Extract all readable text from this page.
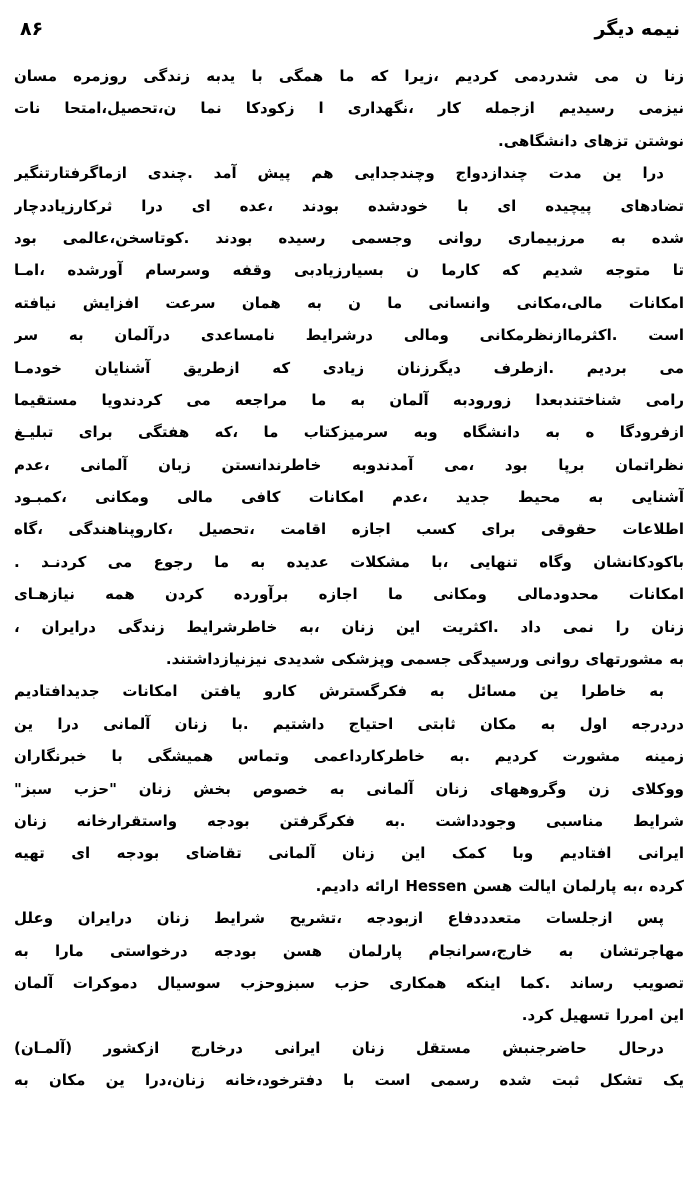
نیمه دیگر
۸۶
زنا ن می شدردمی کردیم ،زیرا که ما همگی با یدبه زندگی روزمره مسان
نیزمی رسیدیم ازجمله کار ،نگهداری ا زکودکا نما ن،تحصیل،امتحا نات
نوشتن تزهای دانشگاهی.
درا ین مدت چندازدواج وچندجدایی هم پیش آمد .چندی ازماگرفتارتنگیر
تضادهای پیچیده ای با خودشده بودند ،عده ای درا ثرکارزیاددچار
شده به مرزبیماری روانی وجسمی رسیده بودند .کوتاسخن،عالمی بود
تا متوجه شدیم که کارما ن بسیارزیادبی وقفه وسرسام آورشده ،امـا
امکانات مالی،مکانی وانسانی ما ن به همان سرعت افزایش نیافته
است .اکثرماازنظرمکانی ومالی درشرایط نامساعدی درآلمان به سر
می بردیم .ازطرف دیگرزنان زیادی که ازطریق آشنایان خودمـا
رامی شناختندبعدا زورودبه آلمان به ما مراجعه می کردندویا مستقیما
ازفرودگا ه به دانشگاه وبه سرمیزکتاب ما ،که هفتگی برای تبلیـغ
نظراتمان برپا بود ،می آمدندوبه خاطرندانستن زبان آلمانی ،عدم
آشنایی به محیط جدید ،عدم امکانات کافی مالی ومکانی ،کمبـود
اطلاعات حقوقی برای کسب اجازه اقامت ،تحصیل ،کاروپناهندگی ،گاه
باکودکانشان وگاه تنهایی ،با مشکلات عدیده به ما رجوع می کردنـد .
امکانات محدودمالی ومکانی ما اجازه برآورده کردن همه نیازهـای
زنان را نمی داد .اکثریت این زنان ،به خاطرشرایط زندگی درایران ،
به مشورتهای روانی ورسیدگی جسمی وپزشکی شدیدی نیزنیازداشتند.
به خاطرا ین مسائل به فکرگسترش کارو یافتن امکانات جدیدافتادیم
دردرجه اول به مکان ثابتی احتیاج داشتیم .با زنان آلمانی درا ین
زمینه مشورت کردیم .به خاطرکارداعمی وتماس همیشگی با خبرنگاران
ووکلای زن وگروههای زنان آلمانی به خصوص بخش زنان "حزب سبز"
شرایط مناسبی وجودداشت .به فکرگرفتن بودجه واستقرارخانه زنان
ایرانی افتادیم وبا کمک این زنان آلمانی تقاضای بودجه ای تهیه
کرده ،به پارلمان ایالت هسن Hessen ارائه دادیم.
پس ازجلسات متعدددفاع ازبودجه ،تشریح شرایط زنان درایران وعلل
مهاجرتشان به خارج،سرانجام پارلمان هسن بودجه درخواستی مارا به
تصویب رساند .کما اینکه همکاری حزب سبزوحزب سوسیال دموکرات آلمان
این امررا تسهیل کرد.
درحال حاضرجنبش مستقل زنان ایرانی درخارج ازکشور (آلمـان)
یک تشکل ثبت شده رسمی است با دفترخود،خانه زنان،درا ین مکان به
